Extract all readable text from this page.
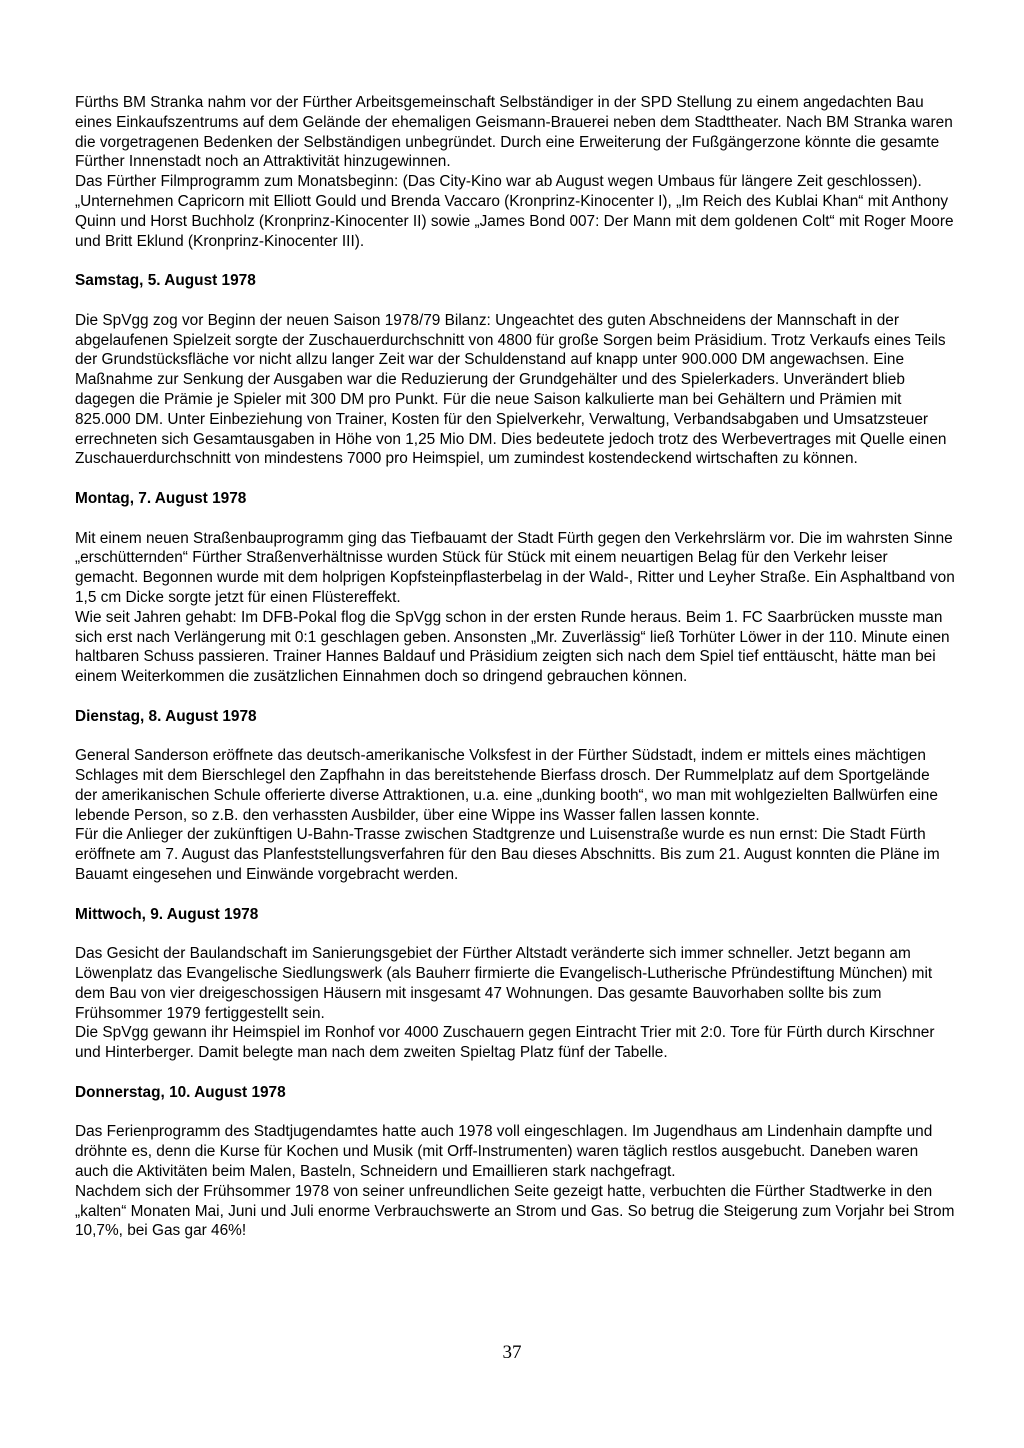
Fürths BM Stranka nahm vor der Fürther Arbeitsgemeinschaft Selbständiger in der SPD Stellung zu einem angedachten Bau eines Einkaufszentrums auf dem Gelände der ehemaligen Geismann-Brauerei neben dem Stadttheater. Nach BM Stranka waren die vorgetragenen Bedenken der Selbständigen unbegründet. Durch eine Erweiterung der Fußgängerzone könnte die gesamte Fürther Innenstadt noch an Attraktivität hinzugewinnen.

Das Fürther Filmprogramm zum Monatsbeginn: (Das City-Kino war ab August wegen Umbaus für längere Zeit geschlossen). „Unternehmen Capricorn mit Elliott Gould und Brenda Vaccaro (Kronprinz-Kinocenter I), „Im Reich des Kublai Khan“ mit Anthony Quinn und Horst Buchholz (Kronprinz-Kinocenter II) sowie „James Bond 007: Der Mann mit dem goldenen Colt“ mit Roger Moore und Britt Eklund (Kronprinz-Kinocenter III).

Samstag, 5. August 1978

Die SpVgg zog vor Beginn der neuen Saison 1978/79 Bilanz: Ungeachtet des guten Abschneidens der Mannschaft in der abgelaufenen Spielzeit sorgte der Zuschauerdurchschnitt von 4800 für große Sorgen beim Präsidium. Trotz Verkaufs eines Teils der Grundstücksfläche vor nicht allzu langer Zeit war der Schuldenstand auf knapp unter 900.000 DM angewachsen. Eine Maßnahme zur Senkung der Ausgaben war die Reduzierung der Grundgehälter und des Spielerkaders. Unverändert blieb dagegen die Prämie je Spieler mit 300 DM pro Punkt. Für die neue Saison kalkulierte man bei Gehältern und Prämien mit 825.000 DM. Unter Einbeziehung von Trainer, Kosten für den Spielverkehr, Verwaltung, Verbandsabgaben und Umsatzsteuer errechneten sich Gesamtausgaben in Höhe von 1,25 Mio DM. Dies bedeutete jedoch trotz des Werbevertrages mit Quelle einen Zuschauerdurchschnitt von mindestens 7000 pro Heimspiel, um zumindest kostendeckend wirtschaften zu können.

Montag, 7. August 1978

Mit einem neuen Straßenbauprogramm ging das Tiefbauamt der Stadt Fürth gegen den Verkehrslärm vor. Die im wahrsten Sinne „erschütternden“ Fürther Straßenverhältnisse wurden Stück für Stück mit einem neuartigen Belag für den Verkehr leiser gemacht. Begonnen wurde mit dem holprigen Kopfsteinpflasterbelag in der Wald-, Ritter und Leyher Straße. Ein Asphaltband von 1,5 cm Dicke sorgte jetzt für einen Flüstereffekt.

Wie seit Jahren gehabt: Im DFB-Pokal flog die SpVgg schon in der ersten Runde heraus. Beim 1. FC Saarbrücken musste man sich erst nach Verlängerung mit 0:1 geschlagen geben. Ansonsten „Mr. Zuverlässig“ ließ Torhüter Löwer in der 110. Minute einen haltbaren Schuss passieren. Trainer Hannes Baldauf und Präsidium zeigten sich nach dem Spiel tief enttäuscht, hätte man bei einem Weiterkommen die zusätzlichen Einnahmen doch so dringend gebrauchen können.

Dienstag, 8. August 1978

General Sanderson eröffnete das deutsch-amerikanische Volksfest in der Fürther Südstadt, indem er mittels eines mächtigen Schlages mit dem Bierschlegel den Zapfhahn in das bereitstehende Bierfass drosch. Der Rummelplatz auf dem Sportgelände der amerikanischen Schule offerierte diverse Attraktionen, u.a. eine „dunking booth“, wo man mit wohlgezielten Ballwürfen eine lebende Person, so z.B. den verhassten Ausbilder, über eine Wippe ins Wasser fallen lassen konnte.

Für die Anlieger der zukünftigen U-Bahn-Trasse zwischen Stadtgrenze und Luisenstraße wurde es nun ernst: Die Stadt Fürth eröffnete am 7. August das Planfeststellungsverfahren für den Bau dieses Abschnitts. Bis zum 21. August konnten die Pläne im Bauamt eingesehen und Einwände vorgebracht werden.

Mittwoch, 9. August 1978

Das Gesicht der Baulandschaft im Sanierungsgebiet der Fürther Altstadt veränderte sich immer schneller. Jetzt begann am Löwenplatz das Evangelische Siedlungswerk (als Bauherr firmierte die Evangelisch-Lutherische Pfründestiftung München) mit dem Bau von vier dreigeschossigen Häusern mit insgesamt 47 Wohnungen. Das gesamte Bauvorhaben sollte bis zum Frühsommer 1979 fertiggestellt sein.

Die SpVgg gewann ihr Heimspiel im Ronhof vor 4000 Zuschauern gegen Eintracht Trier mit 2:0. Tore für Fürth durch Kirschner und Hinterberger. Damit belegte man nach dem zweiten Spieltag Platz fünf der Tabelle.

Donnerstag, 10. August 1978

Das Ferienprogramm des Stadtjugendamtes hatte auch 1978 voll eingeschlagen. Im Jugendhaus am Lindenhain dampfte und dröhnte es, denn die Kurse für Kochen und Musik (mit Orff-Instrumenten) waren täglich restlos ausgebucht. Daneben waren auch die Aktivitäten beim Malen, Basteln, Schneidern und Emaillieren stark nachgefragt.

Nachdem sich der Frühsommer 1978 von seiner unfreundlichen Seite gezeigt hatte, verbuchten die Fürther Stadtwerke in den „kalten“ Monaten Mai, Juni und Juli enorme Verbrauchswerte an Strom und Gas. So betrug die Steigerung zum Vorjahr bei Strom 10,7%, bei Gas gar 46%!

37
